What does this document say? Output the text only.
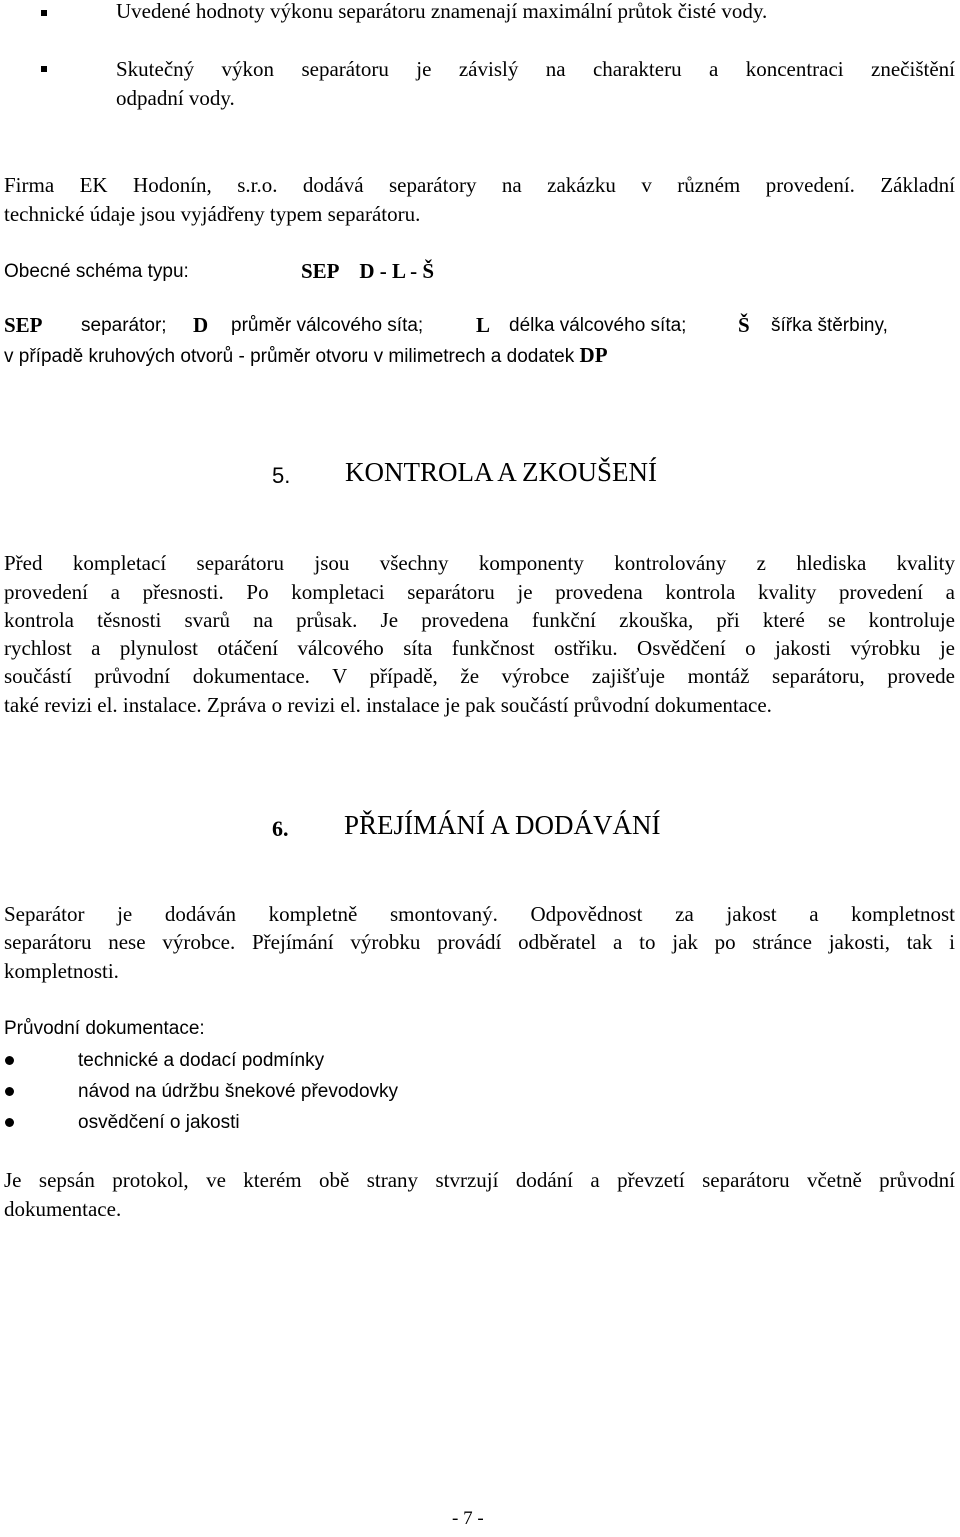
Uvedené hodnoty výkonu separátoru znamenají maximální průtok čisté vody.

Skutečný výkon separátoru je závislý na charakteru a koncentraci znečištění

odpadní vody.

Firma EK Hodonín, s.r.o. dodává separátory na zakázku v různém provedení. Základní

technické údaje jsou vyjádřeny typem separátoru.

Obecné schéma typu:	SEP    D - L - Š

SEP separátor; D průměr válcového síta;	L délka válcového síta; Š šířka štěrbiny,

v případě kruhových otvorů - průměr otvoru v milimetrech a dodatek DP

5. KONTROLA A ZKOUŠENÍ

Před kompletací separátoru jsou všechny komponenty kontrolovány z hlediska kvality

provedení a přesnosti. Po kompletaci separátoru je provedena kontrola kvality provedení a

kontrola těsnosti svarů na průsak. Je provedena funkční zkouška, při které se kontroluje

rychlost a plynulost otáčení válcového síta funkčnost ostřiku. Osvědčení o jakosti výrobku je

součástí průvodní dokumentace. V případě, že výrobce zajišťuje montáž separátoru, provede

také revizi el. instalace. Zpráva o revizi el. instalace je pak součástí průvodní dokumentace.

6. PŘEJÍMÁNÍ A DODÁVÁNÍ

Separátor je dodáván kompletně smontovaný. Odpovědnost za jakost a kompletnost

separátoru nese výrobce. Přejímání výrobku provádí odběratel a to jak po stránce jakosti, tak i

kompletnosti.

Průvodní dokumentace:

technické a dodací podmínky

návod na údržbu šnekové převodovky

osvědčení o jakosti

Je sepsán protokol, ve kterém obě strany stvrzují dodání a převzetí separátoru včetně průvodní

dokumentace.

- 7 -
